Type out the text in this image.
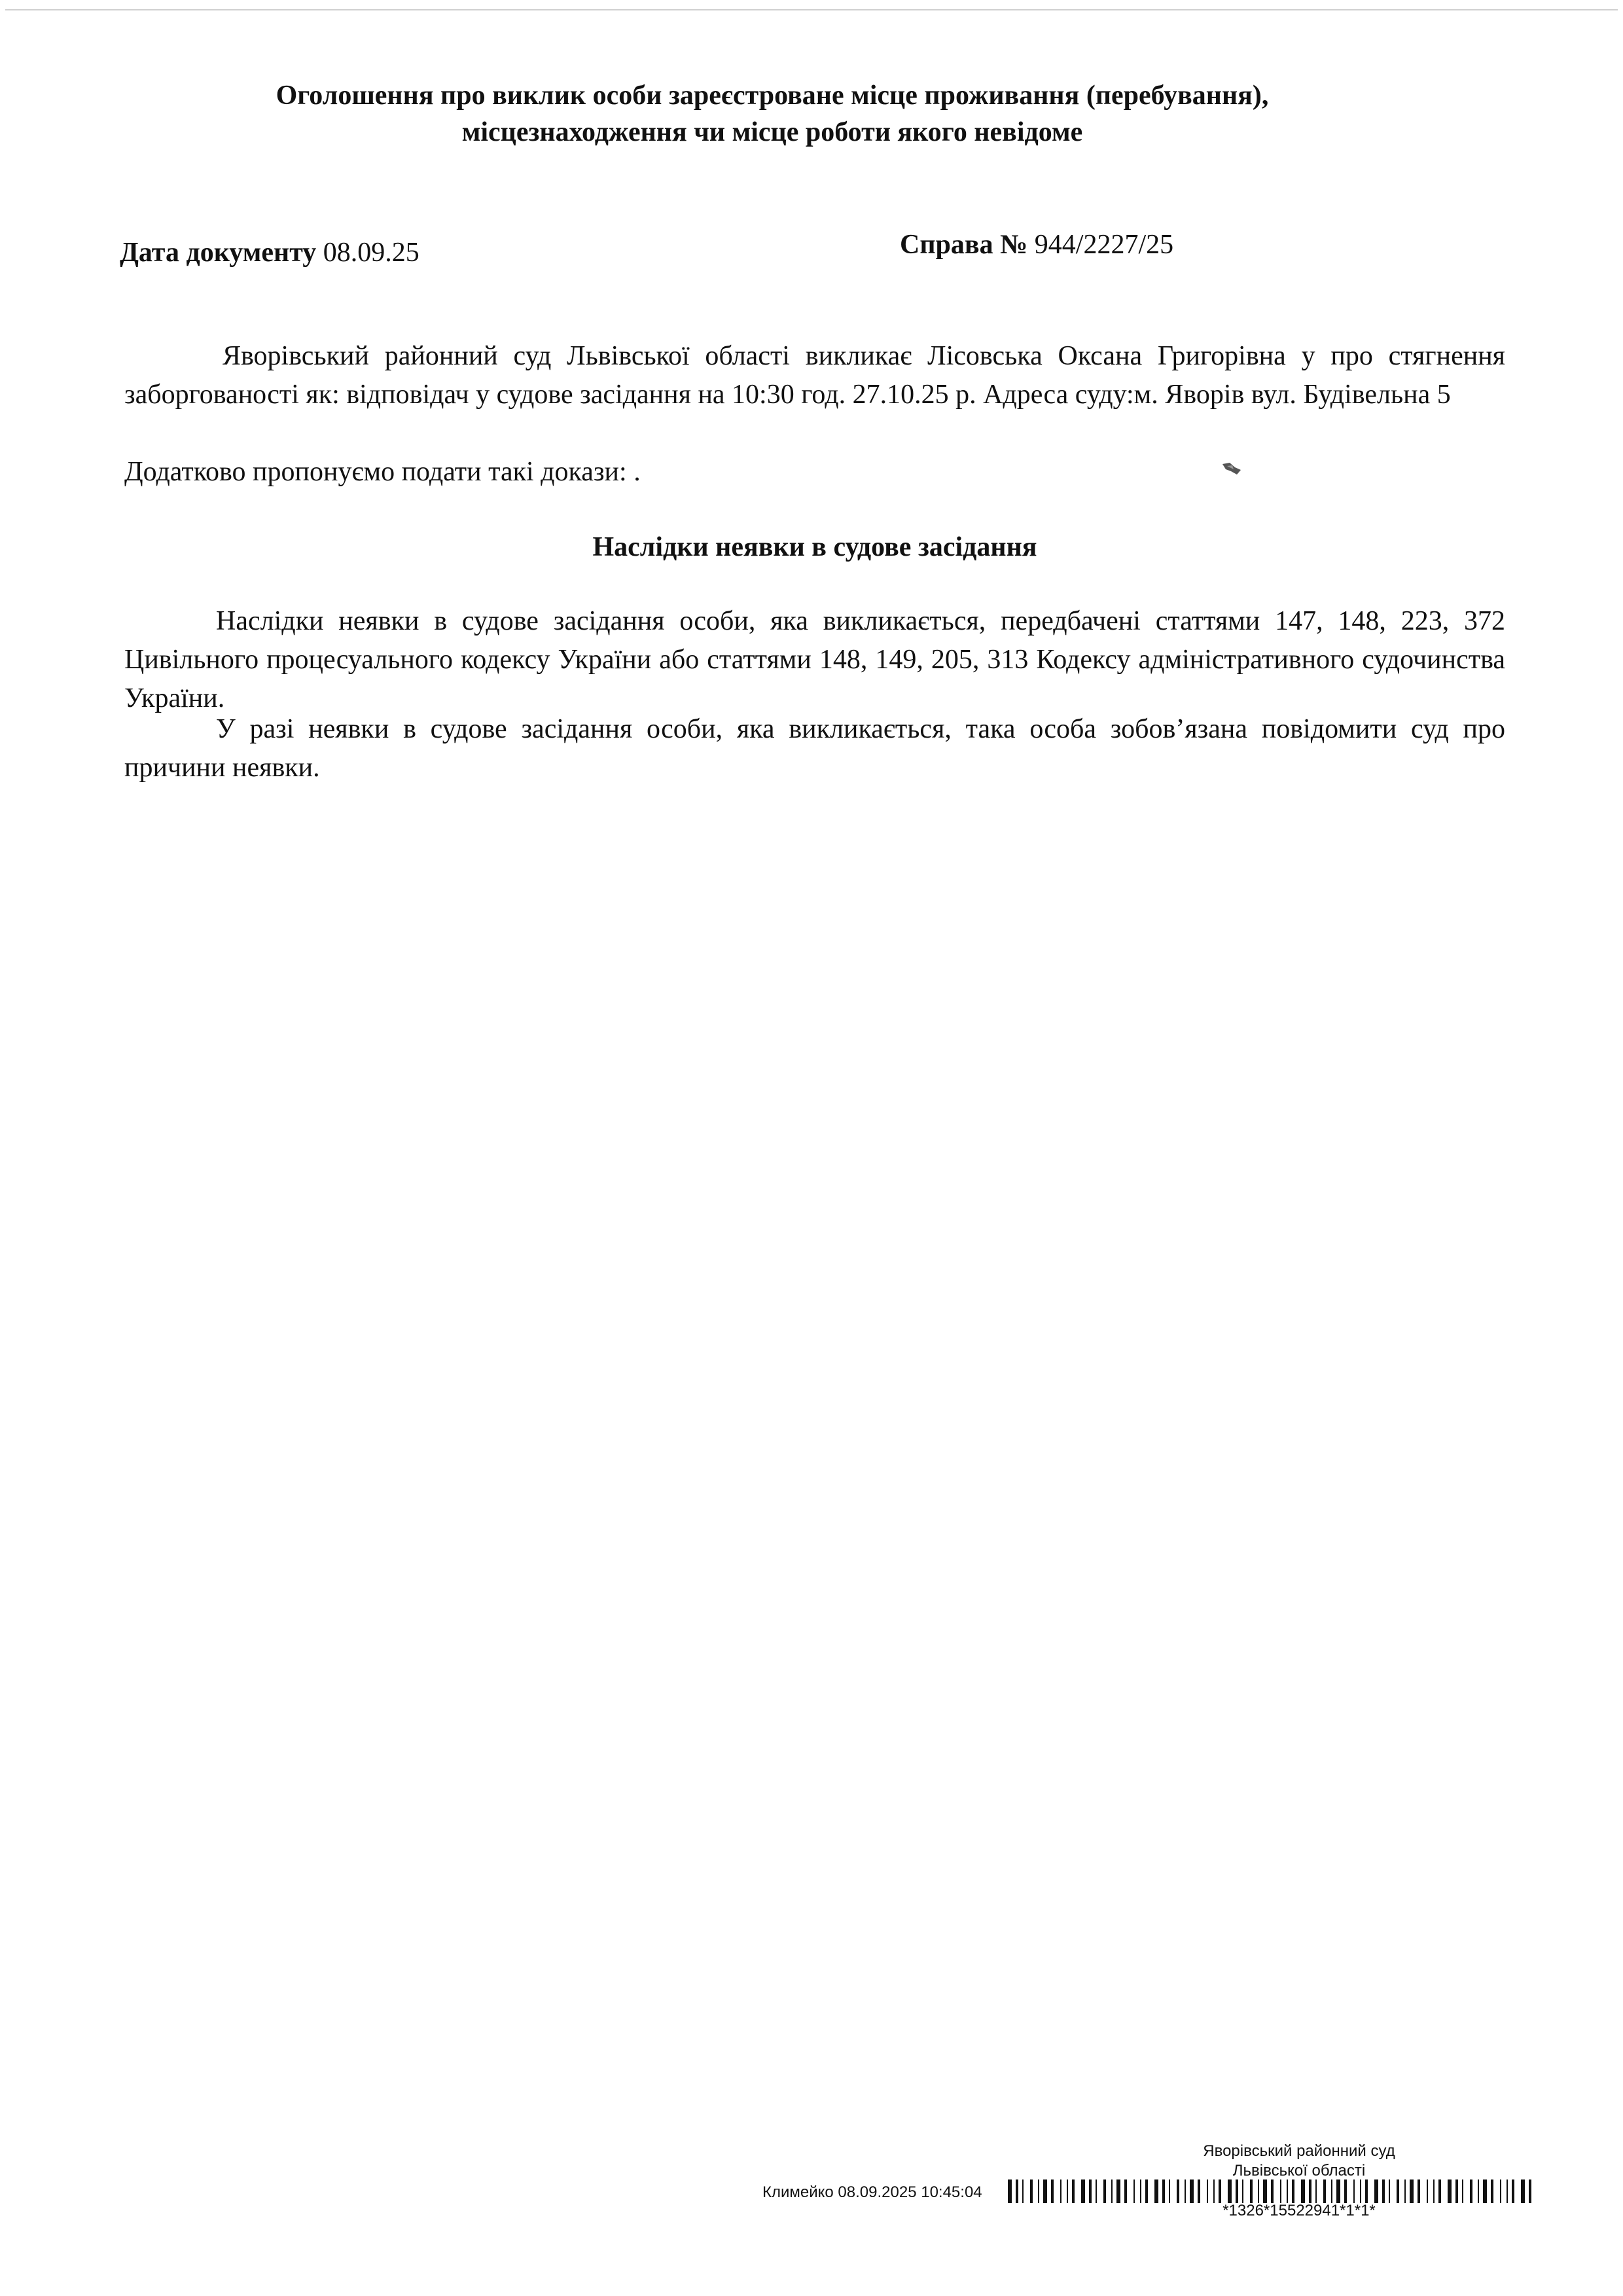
Оголошення про виклик особи зареєстроване місце проживання (перебування),
місцезнаходження чи місце роботи якого невідоме
Дата документу 08.09.25	Справа № 944/2227/25

Яворівський районний суд Львівської області викликає Лісовська Оксана Григорівна у про стягнення заборгованості як: відповідач у судове засідання на 10:30 год. 27.10.25 р. Адреса суду:м. Яворів вул. Будівельна 5

Додатково пропонуємо подати такі докази: .

Наслідки неявки в судове засідання

Наслідки неявки в судове засідання особи, яка викликається, передбачені статтями 147, 148, 223, 372 Цивільного процесуального кодексу України або статтями 148, 149, 205, 313 Кодексу адміністративного судочинства України.

У разі неявки в судове засідання особи, яка викликається, така особа зобов’язана повідомити суд про причини неявки.

Яворівський районний суд
Львівської області
Климейко 08.09.2025 10:45:04
*1326*15522941*1*1*
